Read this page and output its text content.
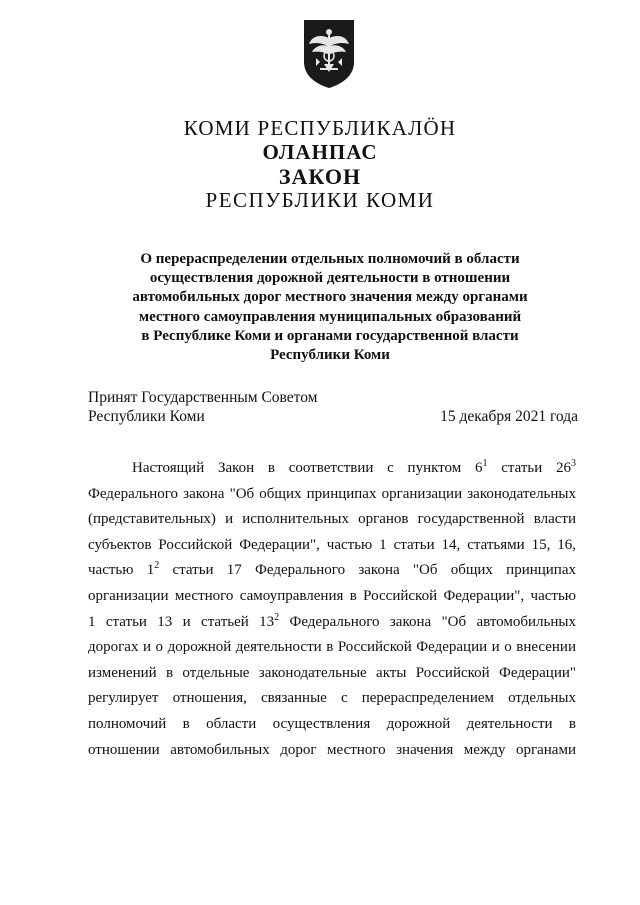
КОМИ РЕСПУБЛИКАЛӦН
ОЛАНПАС
ЗАКОН
РЕСПУБЛИКИ КОМИ
О перераспределении отдельных полномочий в области
осуществления дорожной деятельности в отношении
автомобильных дорог местного значения между органами
местного самоуправления муниципальных образований
в Республике Коми и органами государственной власти
Республики Коми
Принят Государственным Советом
Республики Коми	15 декабря 2021 года
Настоящий Закон в соответствии с пунктом $6^1$ статьи $26^3$
Федерального закона "Об общих принципах организации законодательных
(представительных) и исполнительных органов государственной власти
субъектов Российской Федерации", частью 1 статьи 14, статьями 15, 16,
частью $1^2$ статьи 17 Федерального закона "Об общих принципах
организации местного самоуправления в Российской Федерации", частью
1 статьи 13 и статьей $13^2$ Федерального закона "Об автомобильных
дорогах и о дорожной деятельности в Российской Федерации и о внесении
изменений в отдельные законодательные акты Российской Федерации"
регулирует отношения, связанные с перераспределением отдельных
полномочий в области осуществления дорожной деятельности в
отношении автомобильных дорог местного значения между органами
